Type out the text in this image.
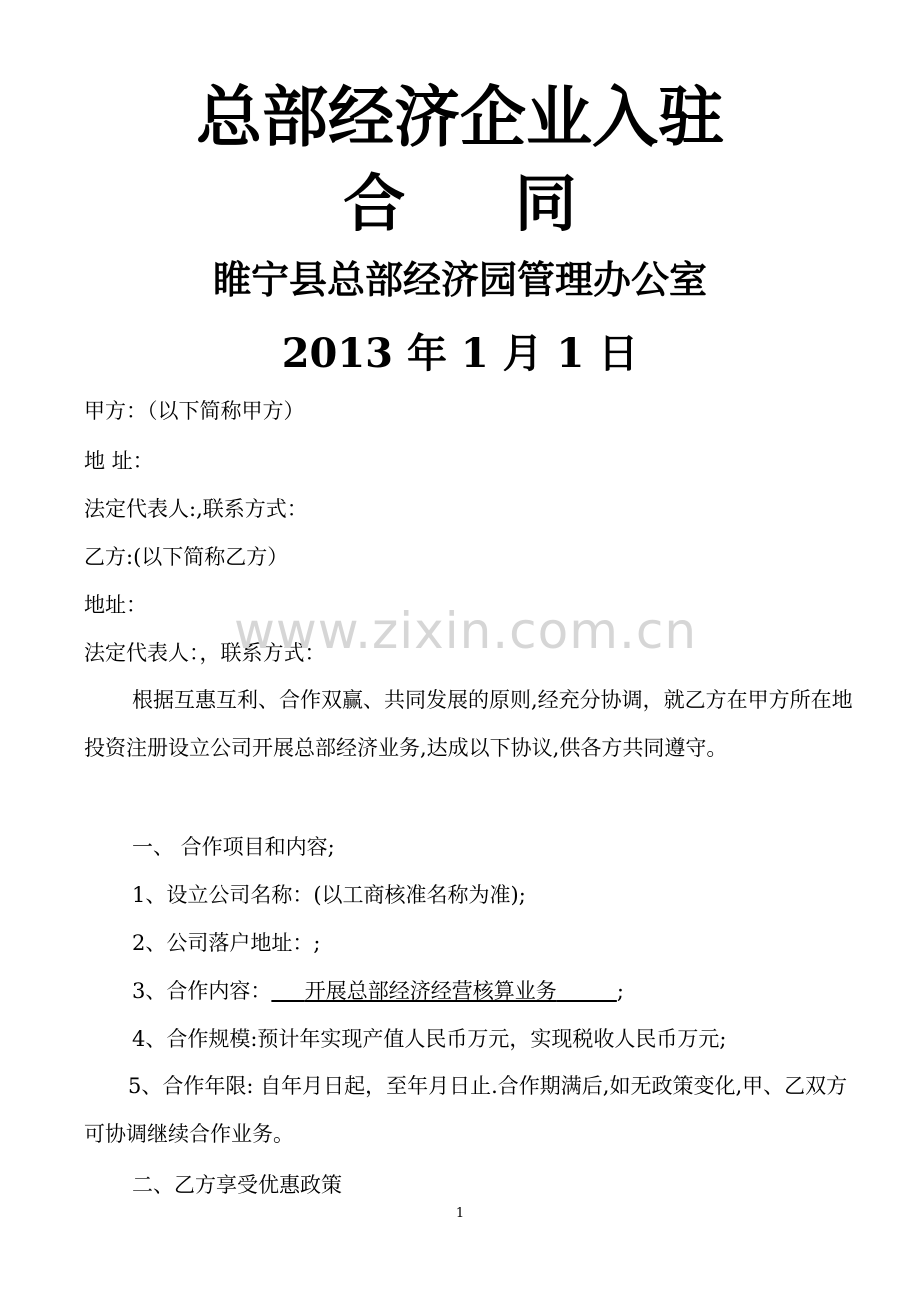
总部经济企业入驻
合 同
睢宁县总部经济园管理办公室
2013 年 1 月 1 日
甲方：（以下简称甲方）
地 址：
法定代表人:,联系方式：
乙方:(以下简称乙方）
地址：
法定代表人：，联系方式：
www.zixin.com.cn
根据互惠互利、合作双赢、共同发展的原则,经充分协调，就乙方在甲方所在地投资注册设立公司开展总部经济业务,达成以下协议,供各方共同遵守。
一、 合作项目和内容;
1、设立公司名称：(以工商核准名称为准);
2、公司落户地址：;
3、合作内容： 开展总部经济经营核算业务	;
4、合作规模:预计年实现产值人民币万元，实现税收人民币万元;
5、合作年限: 自年月日起，至年月日止.合作期满后,如无政策变化,甲、乙双方可协调继续合作业务。
二、乙方享受优惠政策
1
